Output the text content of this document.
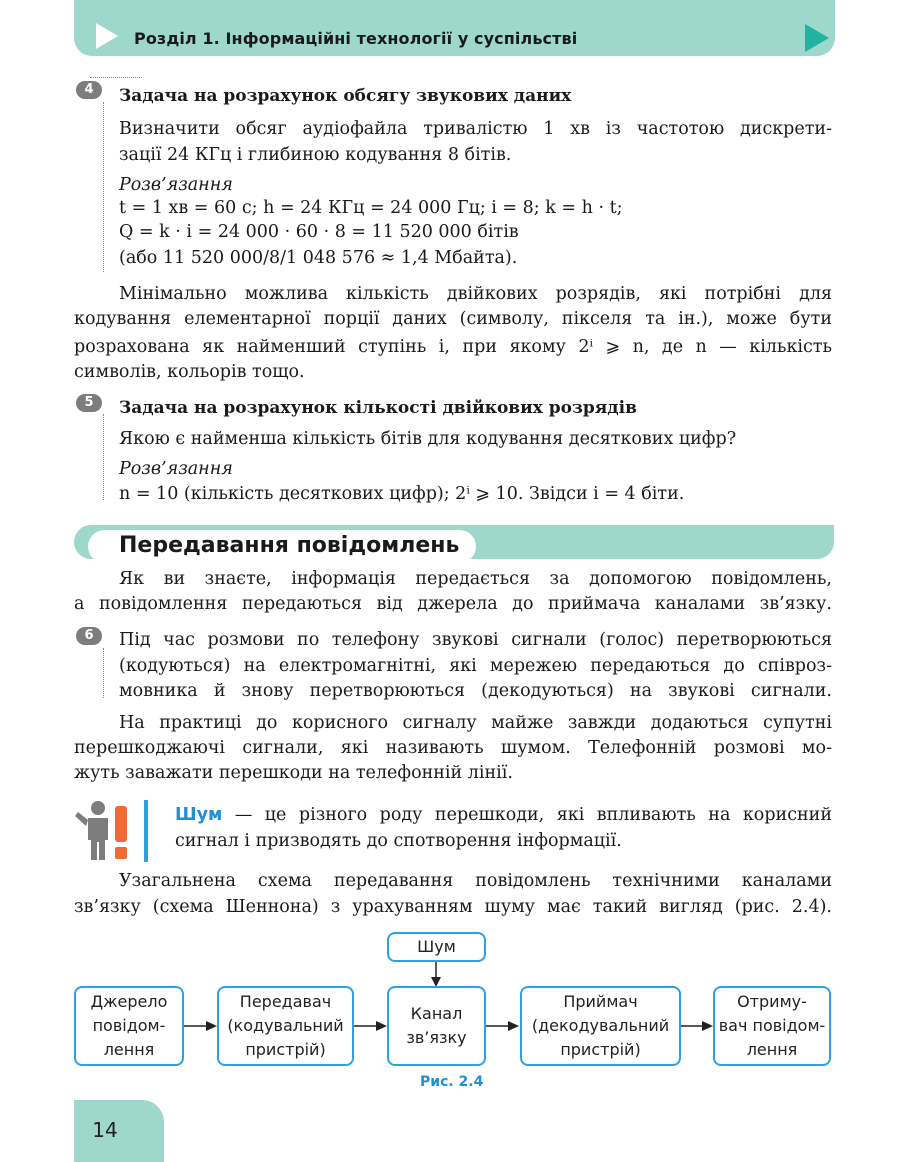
Розділ 1. Інформаційні технології у суспільстві
4	Задача на розрахунок обсягу звукових даних
Визначити обсяг аудіофайла тривалістю 1 хв із частотою дискрети-
зації 24 КГц і глибиною кодування 8 бітів.
Розв’язання
t = 1 хв = 60 с; h = 24 КГц = 24 000 Гц; i = 8; k = h · t;
Q = k · i = 24 000 · 60 · 8 = 11 520 000 бітів
(або 11 520 000/8/1 048 576 ≈ 1,4 Мбайта).
Мінімально можлива кількість двійкових розрядів, які потрібні для
кодування елементарної порції даних (символу, пікселя та ін.), може бути
розрахована як найменший ступінь i, при якому 2ⁱ ⩾ n, де n — кількість
символів, кольорів тощо.
5	Задача на розрахунок кількості двійкових розрядів
Якою є найменша кількість бітів для кодування десяткових цифр?
Розв’язання
n = 10 (кількість десяткових цифр); 2ⁱ ⩾ 10. Звідси i = 4 біти.
Передавання повідомлень
Як ви знаєте, інформація передається за допомогою повідомлень,
а повідомлення передаються від джерела до приймача каналами зв’язку.
6	Під час розмови по телефону звукові сигнали (голос) перетворюються
(кодуються) на електромагнітні, які мережею передаються до співроз-
мовника й знову перетворюються (декодуються) на звукові сигнали.
На практиці до корисного сигналу майже завжди додаються супутні
перешкоджаючі сигнали, які називають шумом. Телефонній розмові мо-
жуть заважати перешкоди на телефонній лінії.
Шум — це різного роду перешкоди, які впливають на корисний
сигнал і призводять до спотворення інформації.
Узагальнена схема передавання повідомлень технічними каналами
зв’язку (схема Шеннона) з урахуванням шуму має такий вигляд (рис. 2.4).
Шум
Джерело
повідом-
лення
Передавач
(кодувальний
пристрій)
Канал
зв’язку
Приймач
(декодувальний
пристрій)
Отриму-
вач повідом-
лення
Рис. 2.4
14
